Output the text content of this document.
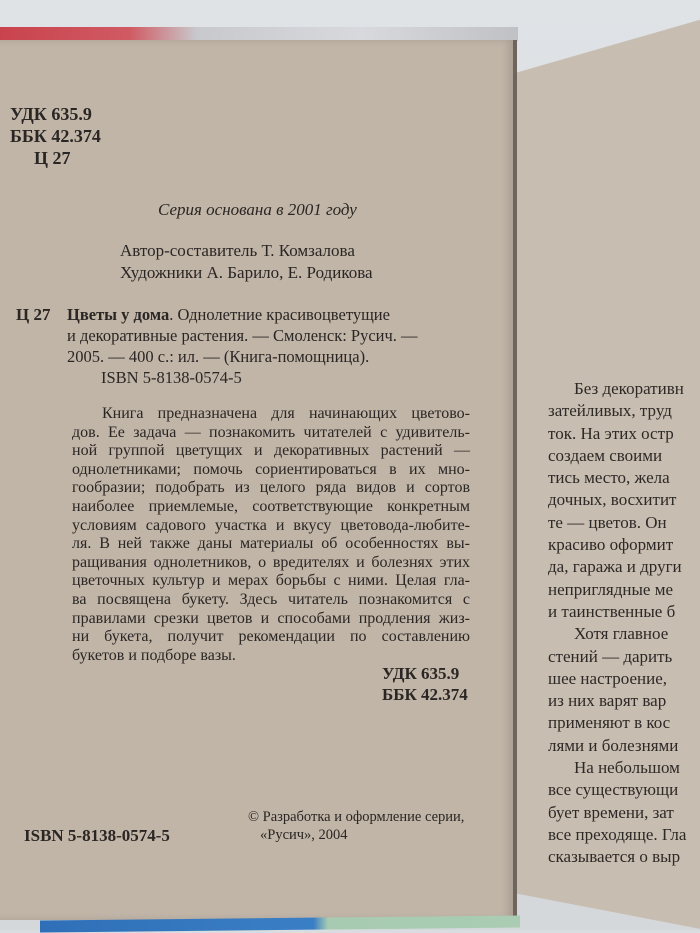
УДК 635.9
ББК 42.374
Ц 27
Серия основана в 2001 году
Автор-составитель Т. Комзалова
Художники А. Барило, Е. Родикова
Ц 27 Цветы у дома. Однолетние красивоцветущие
и декоративные растения. — Смоленск: Русич. —
2005. — 400 с.: ил. — (Книга-помощница).
ISBN 5-8138-0574-5
Книга предназначена для начинающих цветово-
дов. Ее задача — познакомить читателей с удивитель-
ной группой цветущих и декоративных растений —
однолетниками; помочь сориентироваться в их мно-
гообразии; подобрать из целого ряда видов и сортов
наиболее приемлемые, соответствующие конкретным
условиям садового участка и вкусу цветовода-любите-
ля. В ней также даны материалы об особенностях вы-
ращивания однолетников, о вредителях и болезнях этих
цветочных культур и мерах борьбы с ними. Целая гла-
ва посвящена букету. Здесь читатель познакомится с
правилами срезки цветов и способами продления жиз-
ни букета, получит рекомендации по составлению
букетов и подборе вазы.
УДК 635.9
ББК 42.374
© Разработка и оформление серии,
«Русич», 2004
ISBN 5-8138-0574-5
Без декоративн
затейливых, труд
ток. На этих остр
создаем своими
тись место, жела
дочных, восхитит
те — цветов. Он
красиво оформит
да, гаража и други
неприглядные ме
и таинственные б
Хотя главное
стений — дарить
шее настроение,
из них варят вар
применяют в кос
лями и болезнями
На небольшом
все существующи
бует времени, зат
все преходяще. Гла
сказывается о выр
